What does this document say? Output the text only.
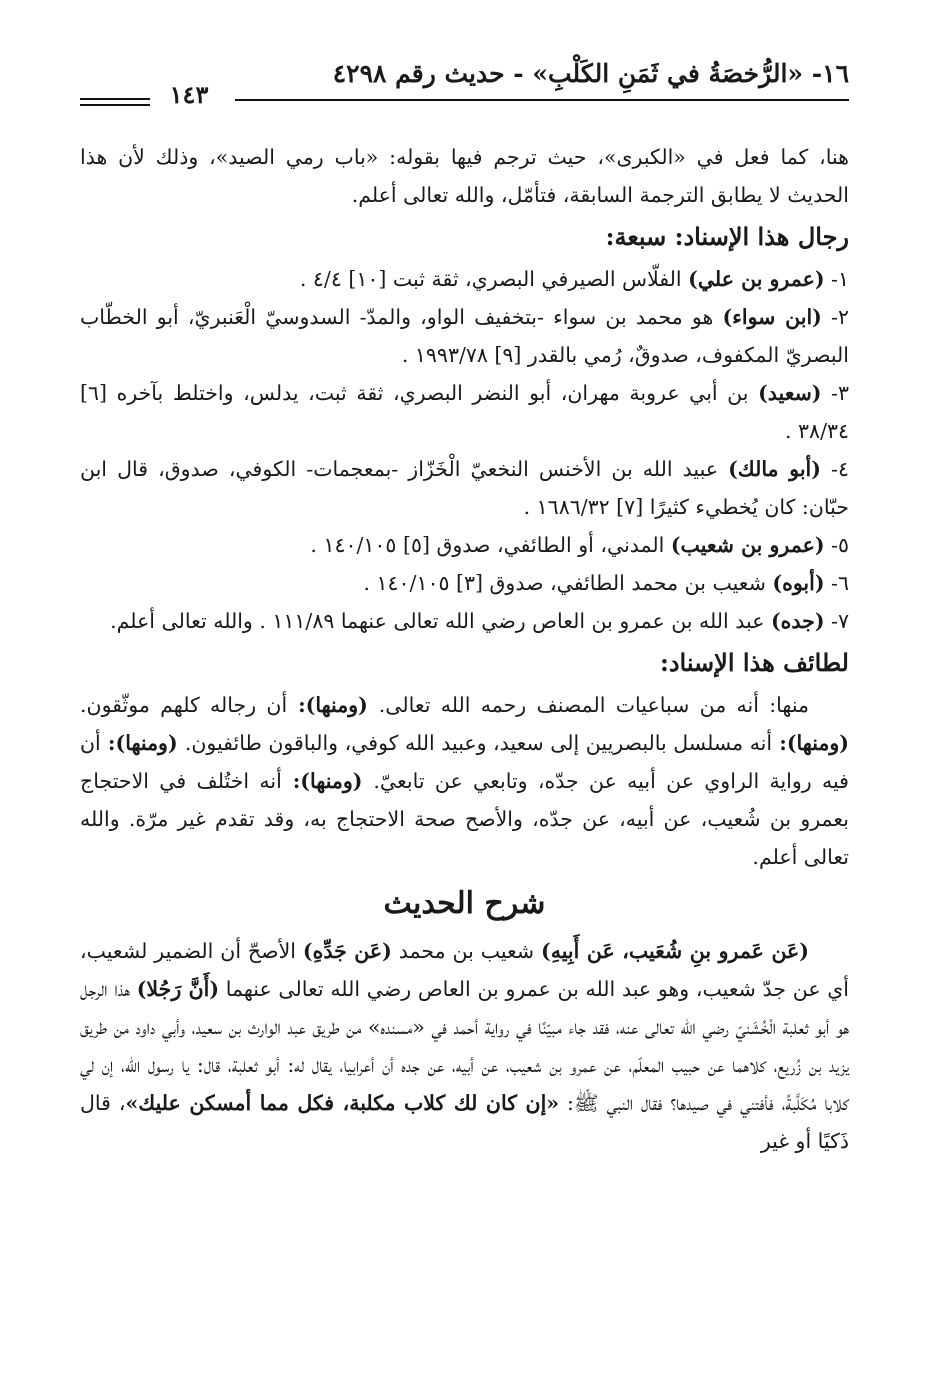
١٦- «الرُّخصَةُ في ثَمَنِ الكَلْبِ» - حديث رقم ٤٢٩٨
١٤٣

هنا، كما فعل في «الكبرى»، حيث ترجم فيها بقوله: «باب رمي الصيد»، وذلك لأن هذا الحديث لا يطابق الترجمة السابقة، فتأمّل، والله تعالى أعلم.

رجال هذا الإسناد: سبعة:

١- (عمرو بن علي) الفلّاس الصيرفي البصري، ثقة ثبت [١٠] ٤/٤ .

٢- (ابن سواء) هو محمد بن سواء -بتخفيف الواو، والمدّ- السدوسيّ الْعَنبريّ، أبو الخطّاب البصريّ المكفوف، صدوقٌ، رُمي بالقدر [٩] ١٩٩٣/٧٨ .

٣- (سعيد) بن أبي عروبة مهران، أبو النضر البصري، ثقة ثبت، يدلس، واختلط بآخره [٦] ٣٨/٣٤ .

٤- (أبو مالك) عبيد الله بن الأخنس النخعيّ الْخَزّاز -بمعجمات- الكوفي، صدوق، قال ابن حبّان: كان يُخطيء كثيرًا [٧] ١٦٨٦/٣٢ .

٥- (عمرو بن شعيب) المدني، أو الطائفي، صدوق [٥] ١٤٠/١٠٥ .

٦- (أبوه) شعيب بن محمد الطائفي، صدوق [٣] ١٤٠/١٠٥ .

٧- (جده) عبد الله بن عمرو بن العاص رضي الله تعالى عنهما ١١١/٨٩ . والله تعالى أعلم.

لطائف هذا الإسناد:

منها: أنه من سباعيات المصنف رحمه الله تعالى. (ومنها): أن رجاله كلهم موثّقون. (ومنها): أنه مسلسل بالبصريين إلى سعيد، وعبيد الله كوفي، والباقون طائفيون. (ومنها): أن فيه رواية الراوي عن أبيه عن جدّه، وتابعي عن تابعيّ. (ومنها): أنه اختُلف في الاحتجاج بعمرو بن شُعيب، عن أبيه، عن جدّه، والأصح صحة الاحتجاج به، وقد تقدم غير مرّة. والله تعالى أعلم.

شرح الحديث

(عَن عَمرو بنِ شُعَيب، عَن أَبِيهِ) شعيب بن محمد (عَن جَدِّهِ) الأصحّ أن الضمير لشعيب، أي عن جدّ شعيب، وهو عبد الله بن عمرو بن العاص رضي الله تعالى عنهما (أَنَّ رَجُلا) هذا الرجل هو أبو ثعلبة الْخُشَنيّ رضي الله تعالى عنه، فقد جاء مبيّنًا في رواية أحمد في «مسنده» من طريق عبد الوارث بن سعيد، وأبي داود من طريق يزيد بن زُريع، كلاهما عن حبيب المعلّم، عن عمرو بن شعيب، عن أبيه، عن جده أن أعرابيا، يقال له: أبو ثعلبة، قال: يا رسول الله، إن لي كلابا مُكَلَّبةً، فأفتني في صيدها؟ فقال النبي ﷺ: «إن كان لك كلاب مكلبة، فكل مما أمسكن عليك»، قال ذَكيًا أو غير
